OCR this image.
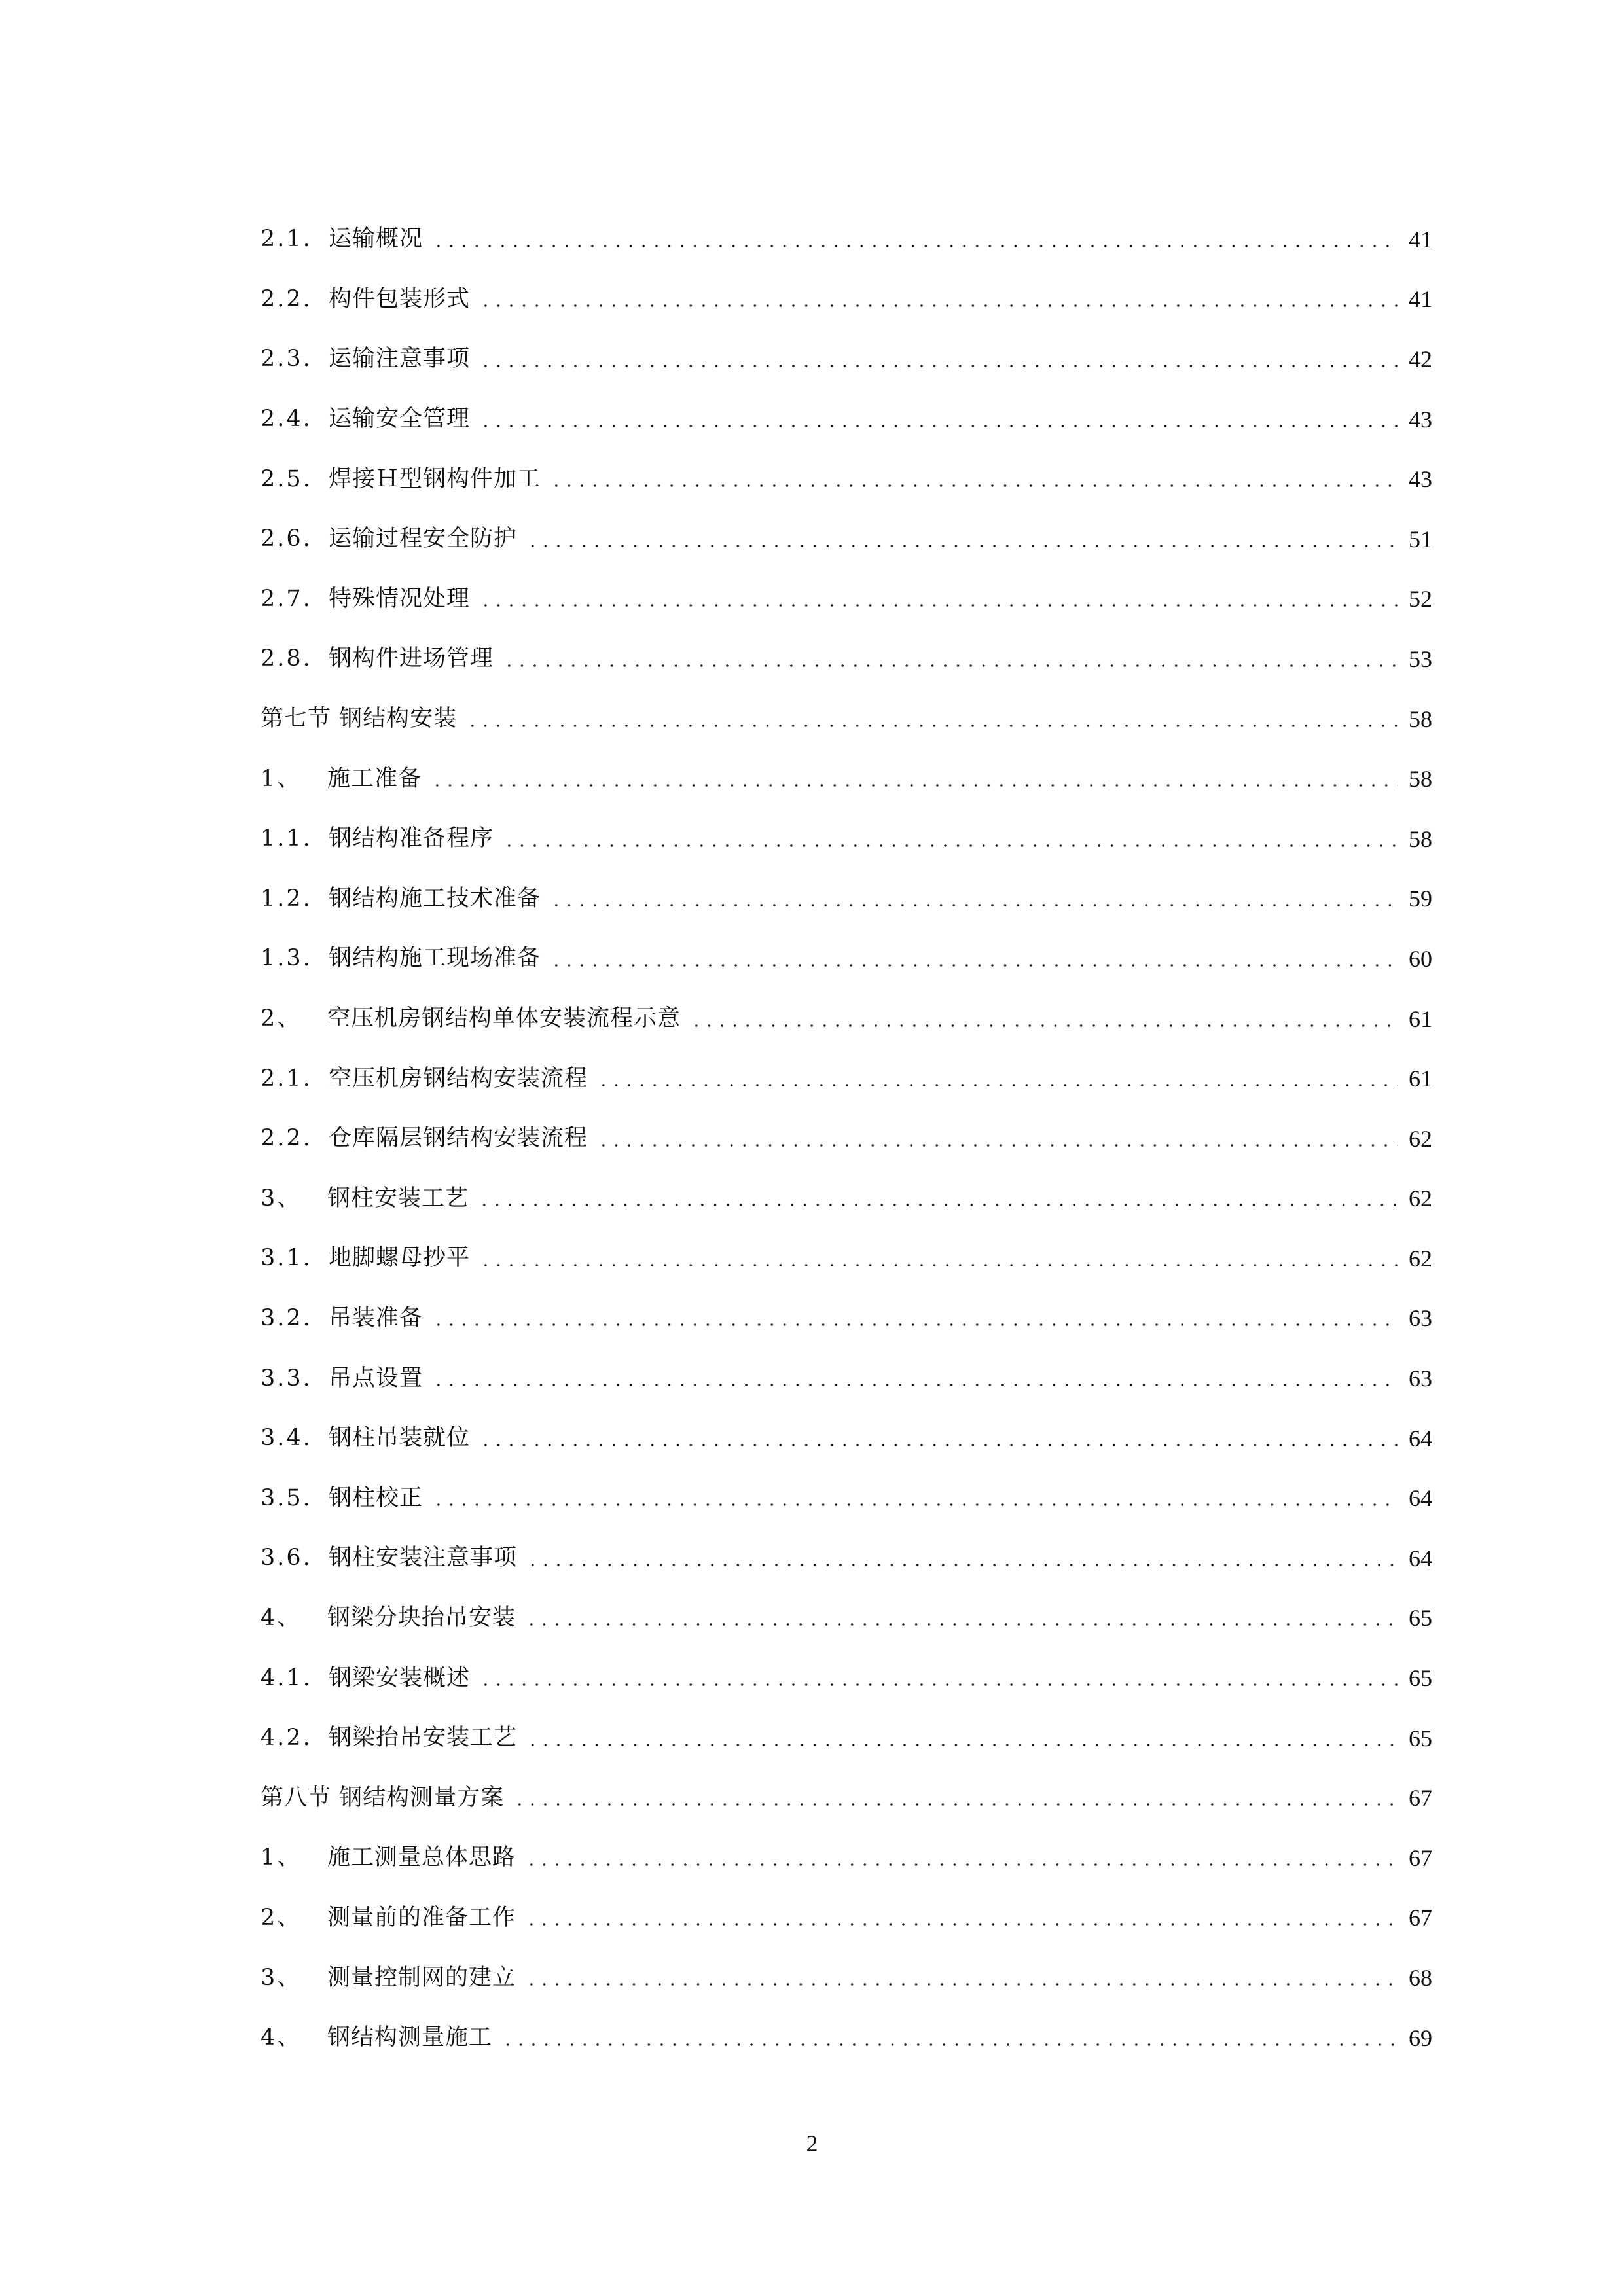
2.1. 运输概况	41
2.2. 构件包装形式	41
2.3. 运输注意事项	42
2.4. 运输安全管理	43
2.5. 焊接Ｈ型钢构件加工	43
2.6. 运输过程安全防护	51
2.7. 特殊情况处理	52
2.8. 钢构件进场管理	53
第七节 钢结构安装	58
1、	施工准备	58
1.1. 钢结构准备程序	58
1.2. 钢结构施工技术准备	59
1.3. 钢结构施工现场准备	60
2、	空压机房钢结构单体安装流程示意	61
2.1. 空压机房钢结构安装流程	61
2.2. 仓库隔层钢结构安装流程	62
3、	钢柱安装工艺	62
3.1. 地脚螺母抄平	62
3.2. 吊装准备	63
3.3. 吊点设置	63
3.4. 钢柱吊装就位	64
3.5. 钢柱校正	64
3.6. 钢柱安装注意事项	64
4、	钢梁分块抬吊安装	65
4.1. 钢梁安装概述	65
4.2. 钢梁抬吊安装工艺	65
第八节 钢结构测量方案	67
1、	施工测量总体思路	67
2、	测量前的准备工作	67
3、	测量控制网的建立	68
4、	钢结构测量施工	69
2
